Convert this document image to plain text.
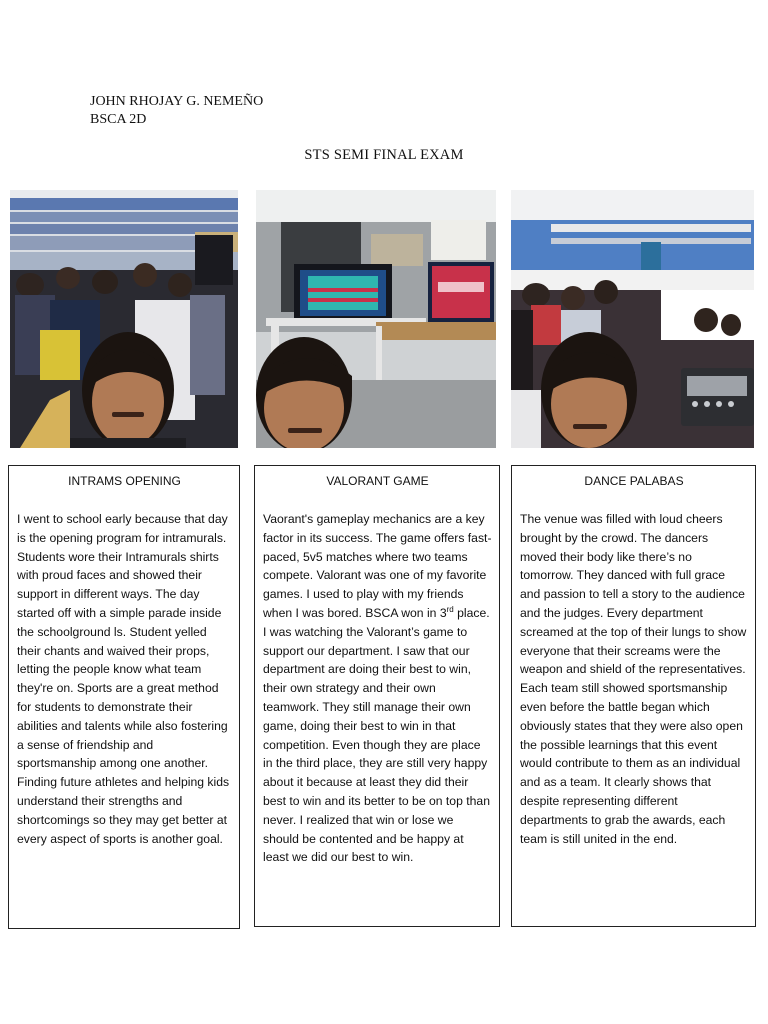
JOHN RHOJAY G. NEMEÑO
BSCA 2D
STS SEMI FINAL EXAM
INTRAMS OPENING
I went to school early because that day is the opening program for intramurals. Students wore their Intramurals shirts with proud faces and showed their support in different ways. The day started off with a simple parade inside the schoolground ls. Student yelled their chants and waived their props, letting the people know what team they're on. Sports are a great method for students to demonstrate their abilities and talents while also fostering a sense of friendship and sportsmanship among one another. Finding future athletes and helping kids understand their strengths and shortcomings so they may get better at every aspect of sports is another goal.
VALORANT GAME
Vaorant's gameplay mechanics are a key factor in its success. The game offers fast-paced, 5v5 matches where two teams compete. Valorant was one of my favorite games. I used to play with my friends when I was bored. BSCA won in 3rd place. I was watching the Valorant’s game to support our department. I saw that our department are doing their best to win, their own strategy and their own teamwork. They still manage their own game, doing their best to win in that competition. Even though they are place in the third place, they are still very happy about it because at least they did their best to win and its better to be on top than never. I realized that win or lose we should be contented and be happy at least we did our best to win.
DANCE PALABAS
The venue was filled with loud cheers brought by the crowd. The dancers moved their body like there’s no tomorrow. They danced with full grace and passion to tell a story to the audience and the judges. Every department screamed at the top of their lungs to show everyone that their screams were the weapon and shield of the representatives. Each team still showed sportsmanship even before the battle began which obviously states that they were also open the possible learnings that this event would contribute to them as an individual and as a team. It clearly shows that despite representing different departments to grab the awards, each team is still united in the end.
